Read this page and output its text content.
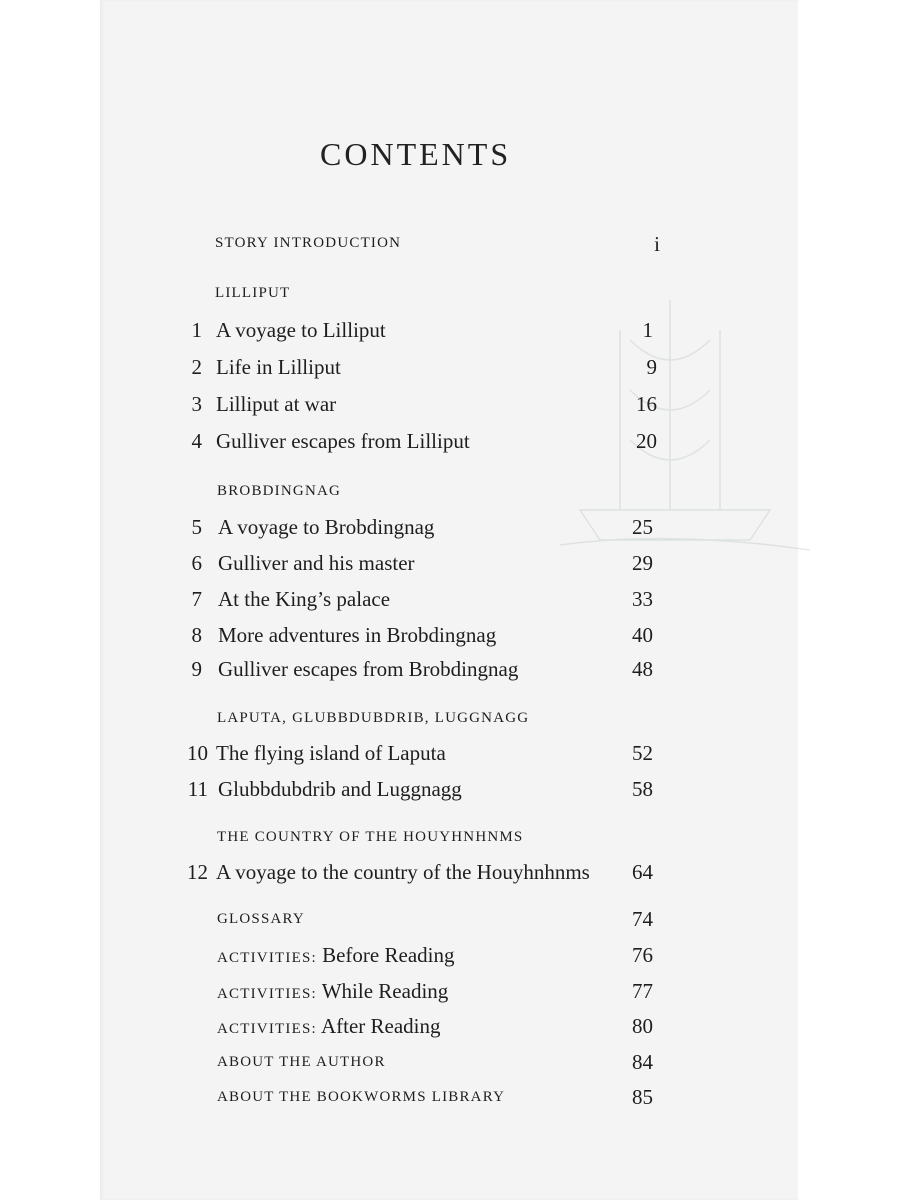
CONTENTS
STORY INTRODUCTION	i
LILLIPUT
BROBDINGNAG
LAPUTA, GLUBBDUBDRIB, LUGGNAGG
THE COUNTRY OF THE HOUYHNHNMS
1 A voyage to Lilliput	1
2 Life in Lilliput	9
3 Lilliput at war	16
4 Gulliver escapes from Lilliput	20
5 A voyage to Brobdingnag	25
6 Gulliver and his master	29
7 At the King’s palace	33
8 More adventures in Brobdingnag	40
9 Gulliver escapes from Brobdingnag	48
10 The flying island of Laputa	52
11 Glubbdubdrib and Luggnagg	58
12 A voyage to the country of the Houyhnhnms	64
GLOSSARY	74
ACTIVITIES: Before Reading	76
ACTIVITIES: While Reading	77
ACTIVITIES: After Reading	80
ABOUT THE AUTHOR	84
ABOUT THE BOOKWORMS LIBRARY	85
